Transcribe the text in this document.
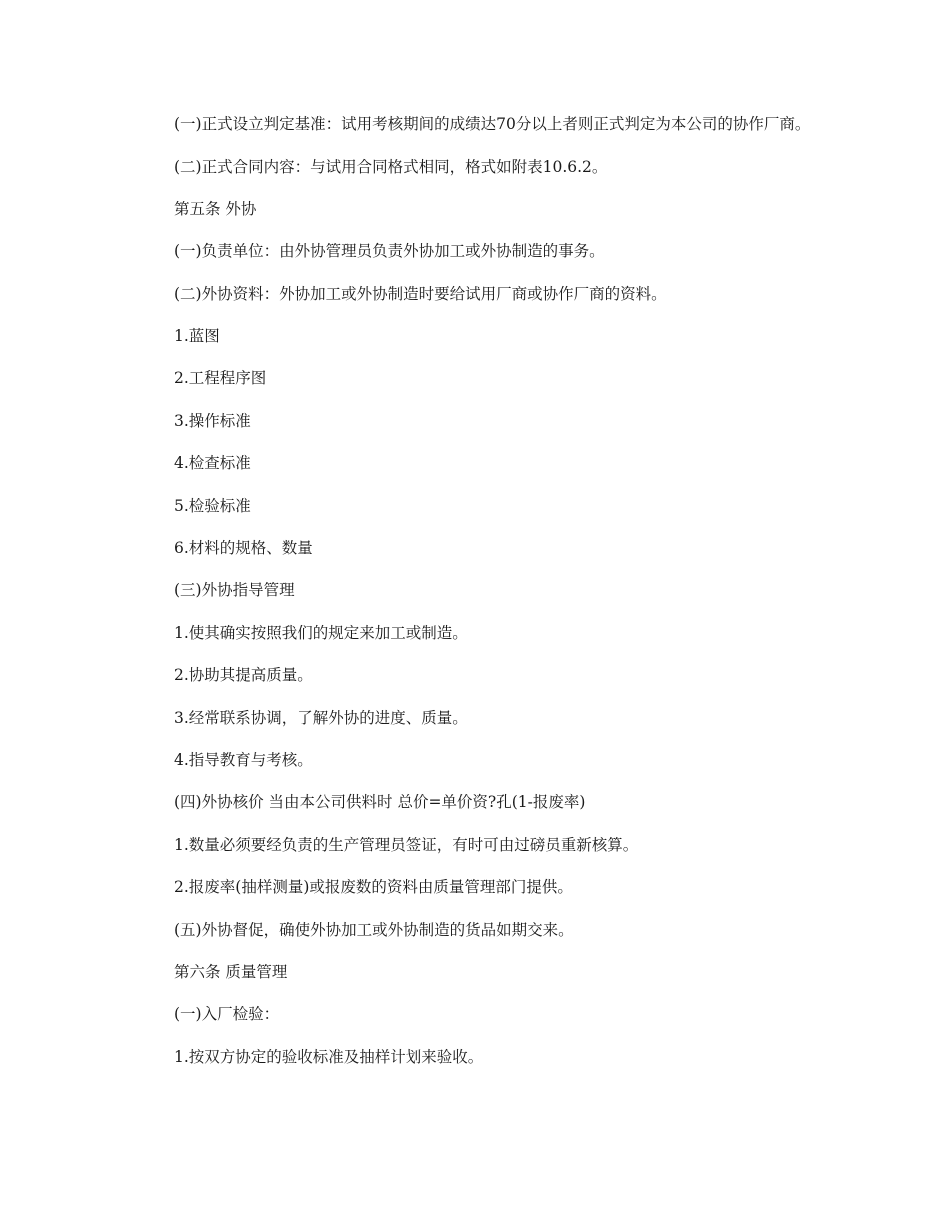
(一)正式设立判定基准：试用考核期间的成绩达70分以上者则正式判定为本公司的协作厂商。

(二)正式合同内容：与试用合同格式相同，格式如附表10.6.2。

第五条 外协

(一)负责单位：由外协管理员负责外协加工或外协制造的事务。

(二)外协资料：外协加工或外协制造时要给试用厂商或协作厂商的资料。

1.蓝图

2.工程程序图

3.操作标准

4.检查标准

5.检验标准

6.材料的规格、数量

(三)外协指导管理

1.使其确实按照我们的规定来加工或制造。

2.协助其提高质量。

3.经常联系协调，了解外协的进度、质量。

4.指导教育与考核。

(四)外协核价 当由本公司供料时 总价=单价资?孔(1-报废率)

1.数量必须要经负责的生产管理员签证，有时可由过磅员重新核算。

2.报废率(抽样测量)或报废数的资料由质量管理部门提供。

(五)外协督促，确使外协加工或外协制造的货品如期交来。

第六条 质量管理

(一)入厂检验：

1.按双方协定的验收标准及抽样计划来验收。
